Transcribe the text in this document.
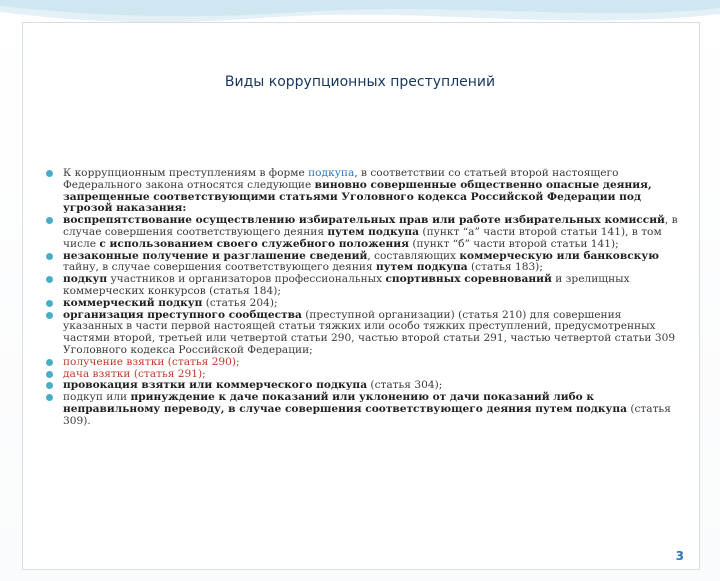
Виды коррупционных преступлений
К коррупционным преступлениям в форме подкупа, в соответствии со статьей второй настоящего Федерального закона относятся следующие виновно совершенные общественно опасные деяния, запрещенные соответствующими статьями Уголовного кодекса Российской Федерации под угрозой наказания:
воспрепятствование осуществлению избирательных прав или работе избирательных комиссий, в случае совершения соответствующего деяния путем подкупа (пункт “а” части второй статьи 141), в том числе с использованием своего служебного положения (пункт “б” части второй статьи 141);
незаконные получение и разглашение сведений, составляющих коммерческую или банковскую тайну, в случае совершения соответствующего деяния путем подкупа (статья 183);
подкуп участников и организаторов профессиональных спортивных соревнований и зрелищных коммерческих конкурсов (статья 184);
коммерческий подкуп (статья 204);
организация преступного сообщества (преступной организации) (статья 210) для совершения указанных в части первой настоящей статьи тяжких или особо тяжких преступлений, предусмотренных частями второй, третьей или четвертой статьи 290, частью второй статьи 291, частью четвертой статьи 309 Уголовного кодекса Российской Федерации;
получение взятки (статья 290);
дача взятки (статья 291);
провокация взятки или коммерческого подкупа (статья 304);
подкуп или принуждение к даче показаний или уклонению от дачи показаний либо к неправильному переводу, в случае совершения соответствующего деяния путем подкупа (статья 309).
3
